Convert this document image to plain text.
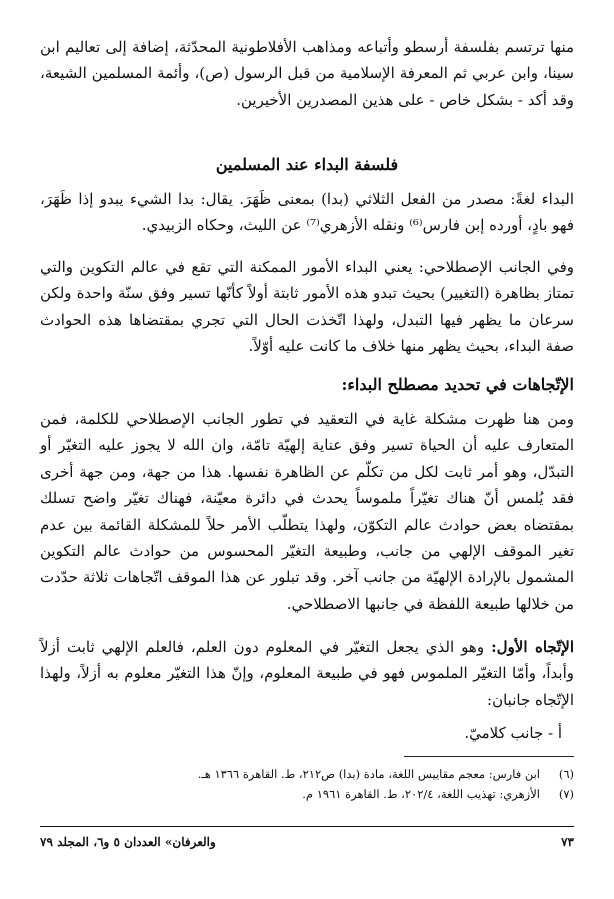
منها ترتسم بفلسفة أرسطو وأتباعه ومذاهب الأفلاطونية المحدّثة، إضافة إلى تعاليم ابن سينا، وابن عربي ثم المعرفة الإسلامية من قبل الرسول (ص)، وأئمة المسلمين الشيعة، وقد أكد - بشكل خاص - على هذين المصدرين الأخيرين.

فلسفة البداء عند المسلمين

البداء لغةً: مصدر من الفعل الثلاثي (بدا) بمعنى ظَهَرَ. يقال: بدا الشيء يبدو إذا ظَهَرَ، فهو بادٍ، أورده إبن فارس⁽⁶⁾ ونقله الأزهري⁽⁷⁾ عن الليث، وحكاه الزبيدي.

وفي الجانب الإصطلاحي: يعني البداء الأمور الممكنة التي تقع في عالم التكوين والتي تمتاز بظاهرة (التغيير) بحيث تبدو هذه الأمور ثابتة أولاً كأنّها تسير وفق سنّة واحدة ولكن سرعان ما يظهر فيها التبدل، ولهذا اتّخذت الحال التي تجري بمقتضاها هذه الحوادث صفة البداء، بحيث يظهر منها خلاف ما كانت عليه أوّلاً.

الإتّجاهات في تحديد مصطلح البداء:

ومن هنا ظهرت مشكلة غاية في التعقيد في تطور الجانب الإصطلاحي للكلمة، فمن المتعارف عليه أن الحياة تسير وفق عناية إلهيّة تامّة، وان الله لا يجوز عليه التغيّر أو التبدّل، وهو أمر ثابت لكل من تكلّم عن الظاهرة نفسها. هذا من جهة، ومن جهة أخرى فقد يُلمس أنّ هناك تغيّراً ملموساً يحدث في دائرة معيّنة، فهناك تغيّر واضح تسلك بمقتضاه بعض حوادث عالم التكوّن، ولهذا يتطلّب الأمر حلاً للمشكلة القائمة بين عدم تغير الموقف الإلهي من جانب، وطبيعة التغيّر المحسوس من حوادث عالم التكوين المشمول بالإرادة الإلهيّة من جانب آخر. وقد تبلور عن هذا الموقف اتّجاهات ثلاثة حدّدت من خلالها طبيعة اللفظة في جانبها الاصطلاحي.

الإتّجاه الأول: وهو الذي يجعل التغيّر في المعلوم دون العلم، فالعلم الإلهي ثابت أزلاً وأبداً، وأمّا التغيّر الملموس فهو في طبيعة المعلوم، وإنّ هذا التغيّر معلوم به أزلاً، ولهذا الإتّجاه جانبان:

أ - جانب كلاميّ.

(٦)
ابن فارس: معجم مقاييس اللغة، مادة (بدا) ص٢١٢، ط. القاهرة ١٣٦٦ هـ.

(٧)
الأزهري: تهذيب اللغة، ٢٠٢/٤، ط. القاهرة ١٩٦١ م.

٧٣
والعرفان» العددان ٥ و٦، المجلد ٧٩
